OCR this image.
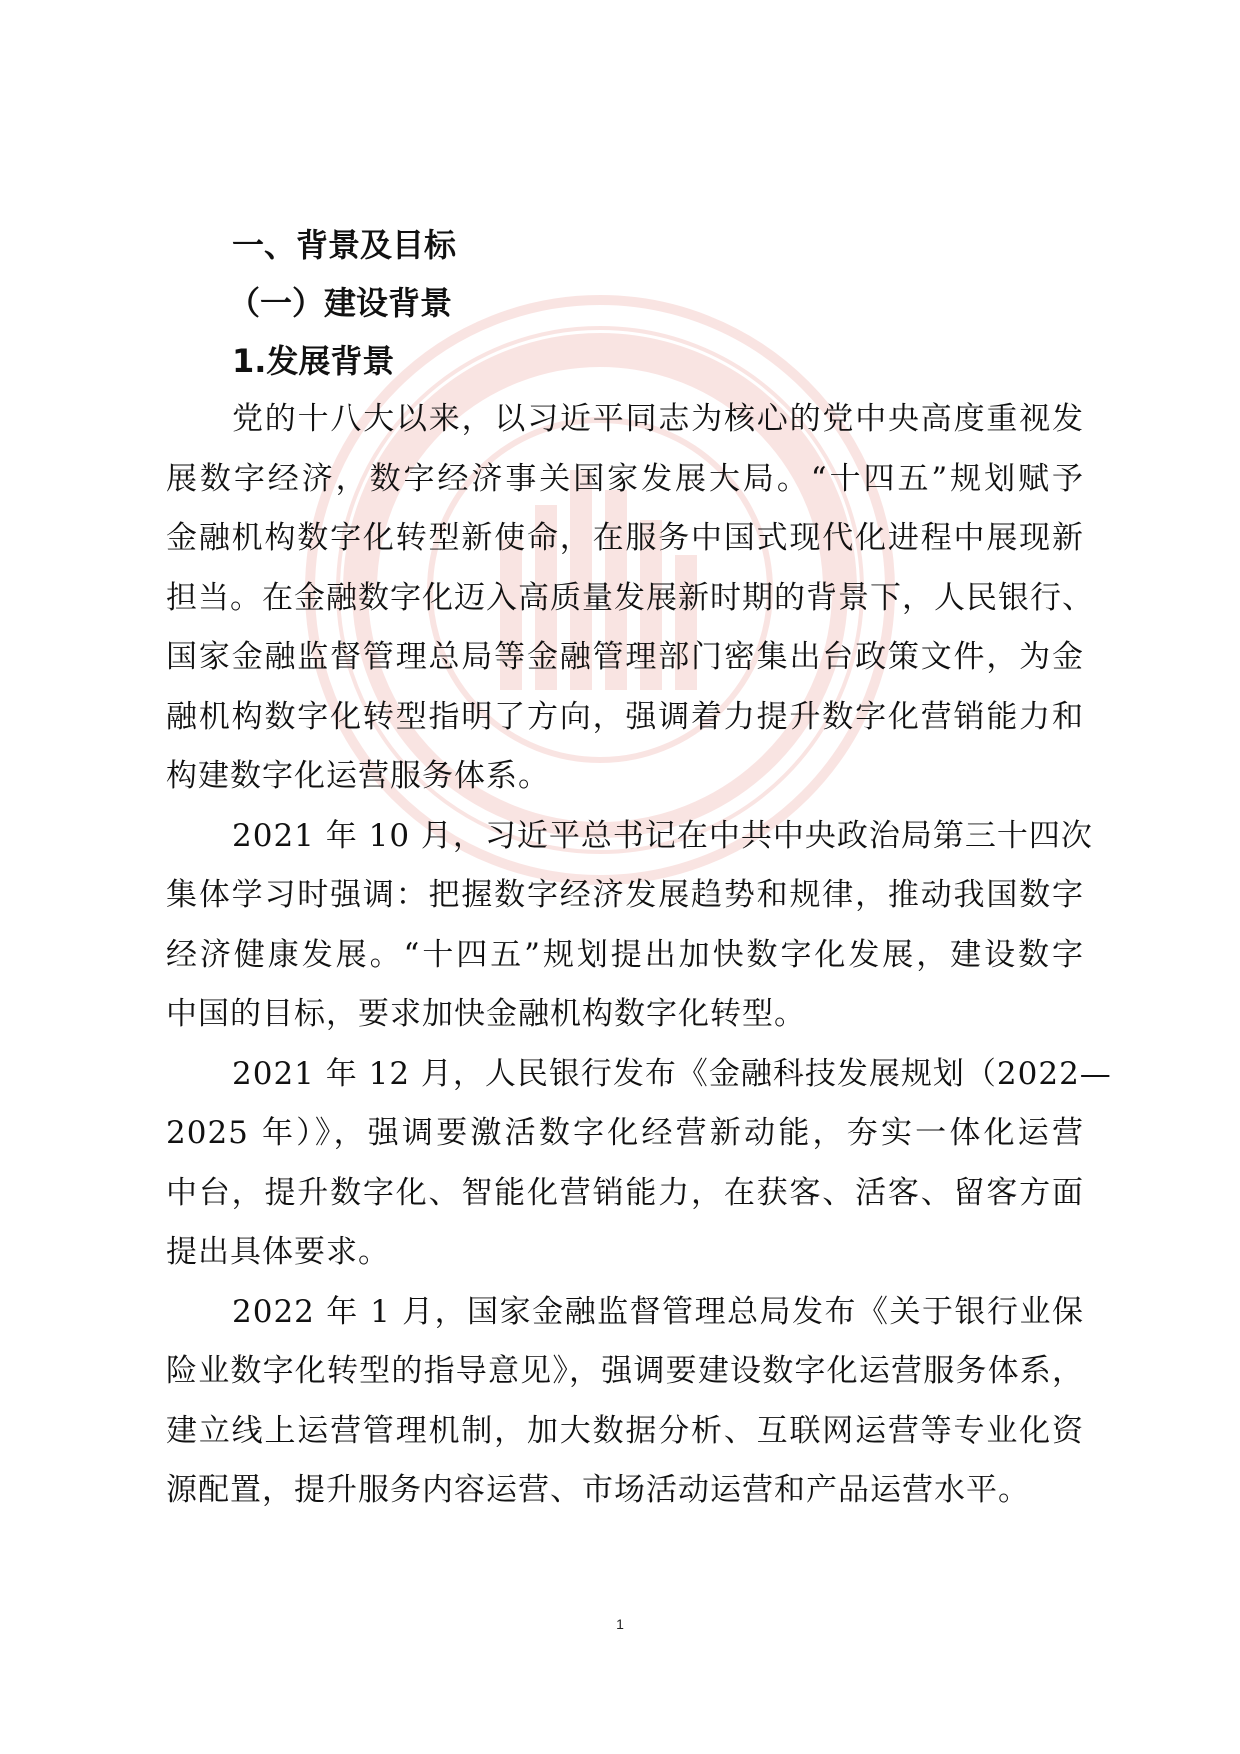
一、背景及目标
（一）建设背景
1.发展背景
党的十八大以来，以习近平同志为核心的党中央高度重视发
展数字经济，数字经济事关国家发展大局。“十四五”规划赋予
金融机构数字化转型新使命，在服务中国式现代化进程中展现新
担当。在金融数字化迈入高质量发展新时期的背景下，人民银行、
国家金融监督管理总局等金融管理部门密集出台政策文件，为金
融机构数字化转型指明了方向，强调着力提升数字化营销能力和
构建数字化运营服务体系。
2021 年 10 月，习近平总书记在中共中央政治局第三十四次
集体学习时强调：把握数字经济发展趋势和规律，推动我国数字
经济健康发展。“十四五”规划提出加快数字化发展，建设数字
中国的目标，要求加快金融机构数字化转型。
2021 年 12 月，人民银行发布《金融科技发展规划（2022—
2025 年）》，强调要激活数字化经营新动能，夯实一体化运营
中台，提升数字化、智能化营销能力，在获客、活客、留客方面
提出具体要求。
2022 年 1 月，国家金融监督管理总局发布《关于银行业保
险业数字化转型的指导意见》，强调要建设数字化运营服务体系，
建立线上运营管理机制，加大数据分析、互联网运营等专业化资
源配置，提升服务内容运营、市场活动运营和产品运营水平。
1
